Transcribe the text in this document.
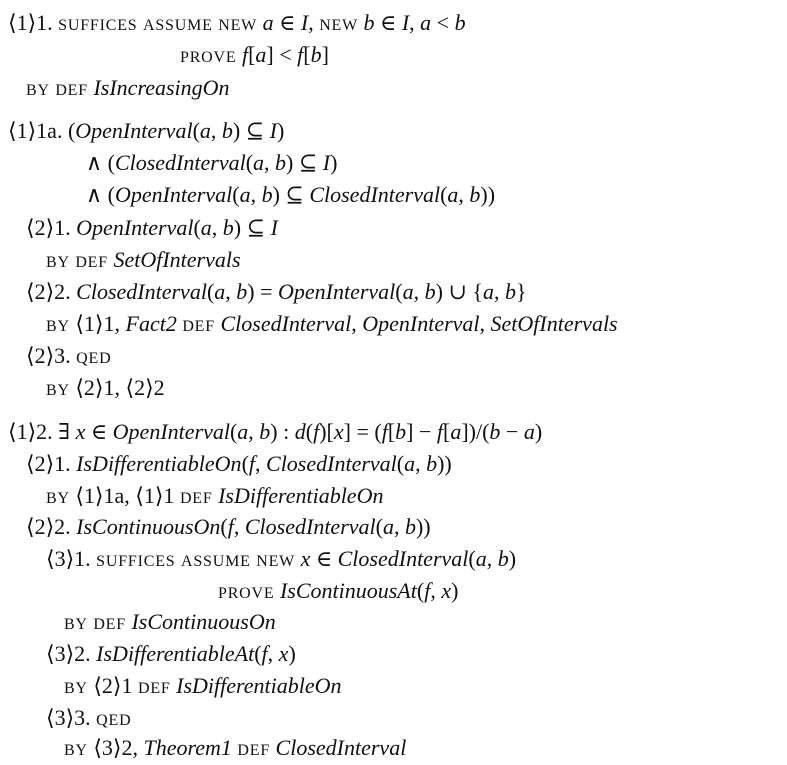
⟨1⟩1. SUFFICES ASSUME NEW a ∈ I, NEW b ∈ I, a < b
PROVE f[a] < f[b]
BY DEF IsIncreasingOn
⟨1⟩1a. (OpenInterval(a, b) ⊆ I)
∧ (ClosedInterval(a, b) ⊆ I)
∧ (OpenInterval(a, b) ⊆ ClosedInterval(a, b))
⟨2⟩1. OpenInterval(a, b) ⊆ I
BY DEF SetOfIntervals
⟨2⟩2. ClosedInterval(a, b) = OpenInterval(a, b) ∪ {a, b}
BY ⟨1⟩1, Fact2 DEF ClosedInterval, OpenInterval, SetOfIntervals
⟨2⟩3. QED
BY ⟨2⟩1, ⟨2⟩2
⟨1⟩2. ∃ x ∈ OpenInterval(a, b) : d(f)[x] = (f[b] − f[a])/(b − a)
⟨2⟩1. IsDifferentiableOn(f, ClosedInterval(a, b))
BY ⟨1⟩1a, ⟨1⟩1 DEF IsDifferentiableOn
⟨2⟩2. IsContinuousOn(f, ClosedInterval(a, b))
⟨3⟩1. SUFFICES ASSUME NEW x ∈ ClosedInterval(a, b)
PROVE IsContinuousAt(f, x)
BY DEF IsContinuousOn
⟨3⟩2. IsDifferentiableAt(f, x)
BY ⟨2⟩1 DEF IsDifferentiableOn
⟨3⟩3. QED
BY ⟨3⟩2, Theorem1 DEF ClosedInterval
